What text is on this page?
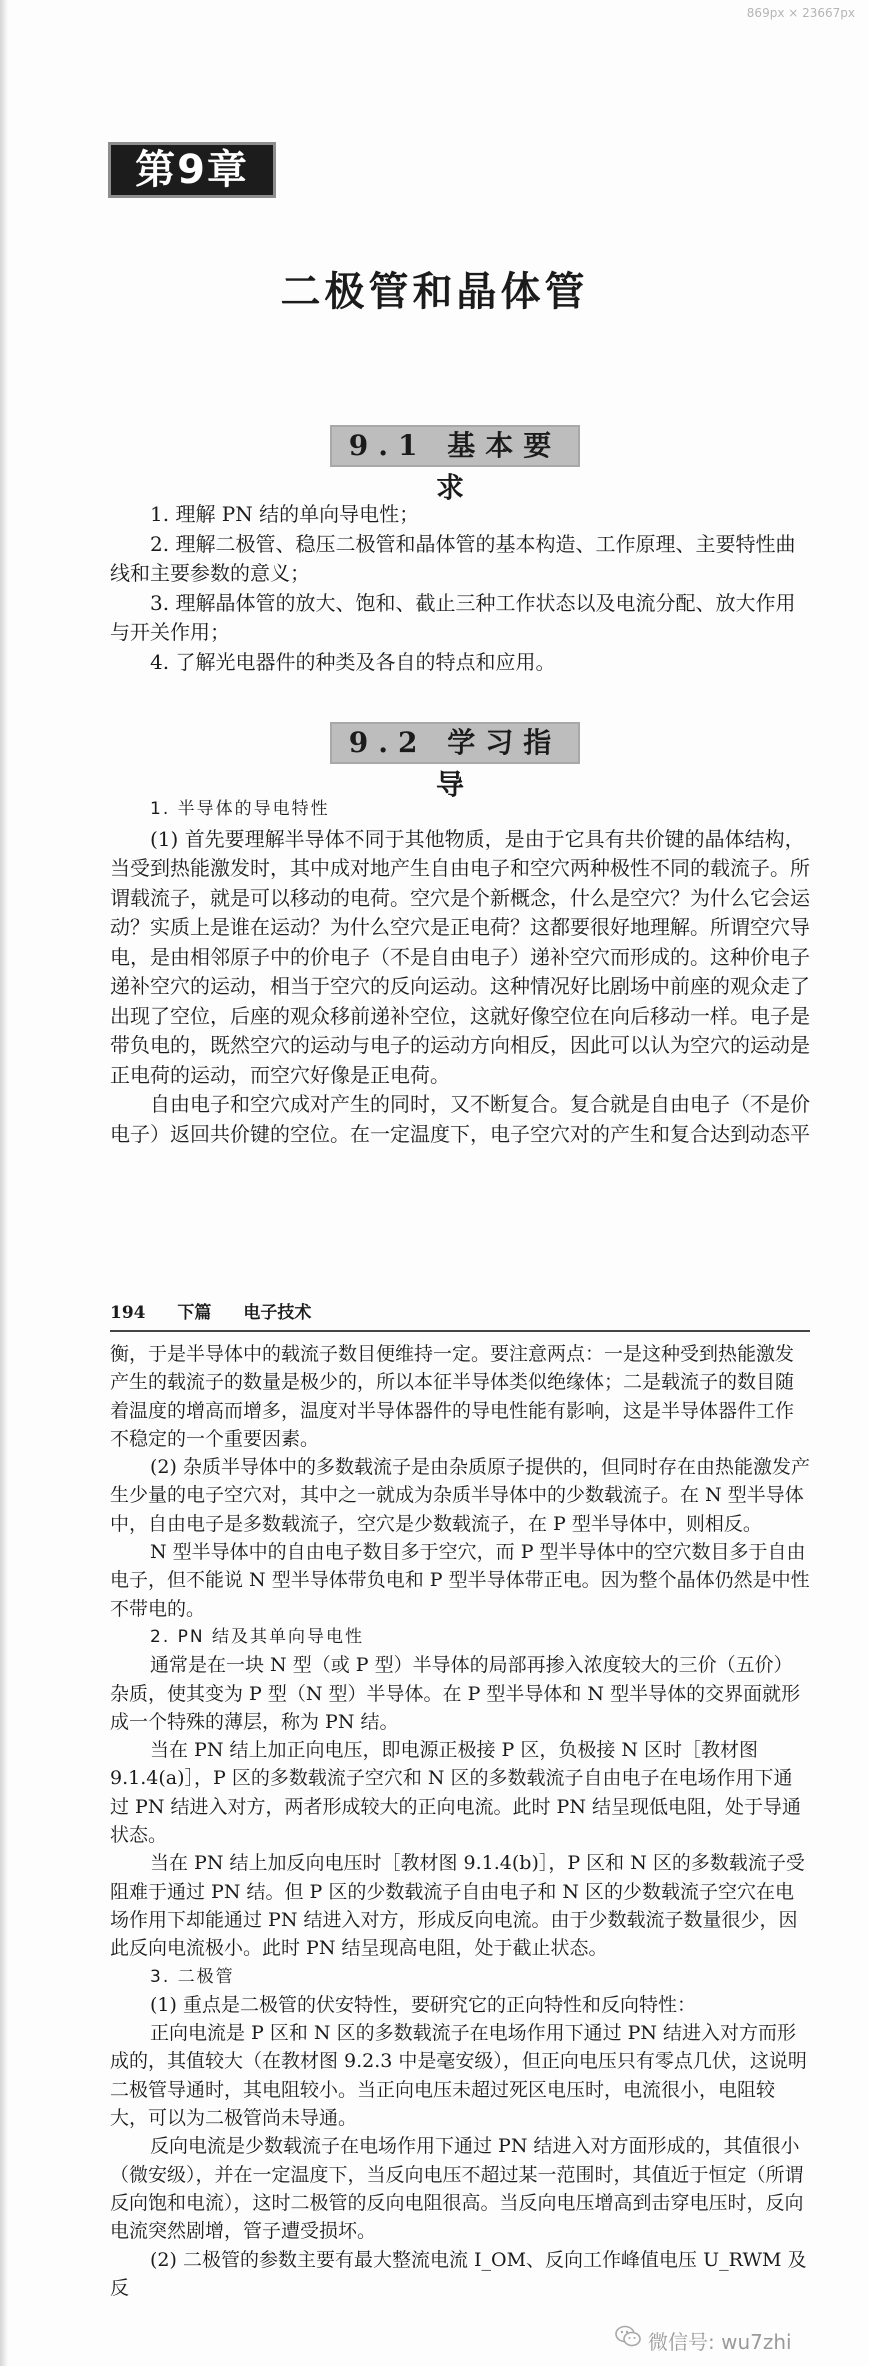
869px × 23667px
第9章
二极管和晶体管
9.1 基本要求

1. 理解 PN 结的单向导电性；

2. 理解二极管、稳压二极管和晶体管的基本构造、工作原理、主要特性曲线和主要参数的意义；

3. 理解晶体管的放大、饱和、截止三种工作状态以及电流分配、放大作用与开关作用；

4. 了解光电器件的种类及各自的特点和应用。

9.2 学习指导

1. 半导体的导电特性

(1) 首先要理解半导体不同于其他物质，是由于它具有共价键的晶体结构，当受到热能激发时，其中成对地产生自由电子和空穴两种极性不同的载流子。所谓载流子，就是可以移动的电荷。空穴是个新概念，什么是空穴？为什么它会运动？实质上是谁在运动？为什么空穴是正电荷？这都要很好地理解。所谓空穴导电，是由相邻原子中的价电子（不是自由电子）递补空穴而形成的。这种价电子递补空穴的运动，相当于空穴的反向运动。这种情况好比剧场中前座的观众走了出现了空位，后座的观众移前递补空位，这就好像空位在向后移动一样。电子是带负电的，既然空穴的运动与电子的运动方向相反，因此可以认为空穴的运动是正电荷的运动，而空穴好像是正电荷。

自由电子和空穴成对产生的同时，又不断复合。复合就是自由电子（不是价电子）返回共价键的空位。在一定温度下，电子空穴对的产生和复合达到动态平

194 下篇 电子技术

衡，于是半导体中的载流子数目便维持一定。要注意两点：一是这种受到热能激发产生的载流子的数量是极少的，所以本征半导体类似绝缘体；二是载流子的数目随着温度的增高而增多，温度对半导体器件的导电性能有影响，这是半导体器件工作不稳定的一个重要因素。

(2) 杂质半导体中的多数载流子是由杂质原子提供的，但同时存在由热能激发产生少量的电子空穴对，其中之一就成为杂质半导体中的少数载流子。在 N 型半导体中，自由电子是多数载流子，空穴是少数载流子，在 P 型半导体中，则相反。

N 型半导体中的自由电子数目多于空穴，而 P 型半导体中的空穴数目多于自由电子，但不能说 N 型半导体带负电和 P 型半导体带正电。因为整个晶体仍然是中性不带电的。

2. PN 结及其单向导电性

通常是在一块 N 型（或 P 型）半导体的局部再掺入浓度较大的三价（五价）杂质，使其变为 P 型（N 型）半导体。在 P 型半导体和 N 型半导体的交界面就形成一个特殊的薄层，称为 PN 结。

当在 PN 结上加正向电压，即电源正极接 P 区，负极接 N 区时［教材图 9.1.4(a)］，P 区的多数载流子空穴和 N 区的多数载流子自由电子在电场作用下通过 PN 结进入对方，两者形成较大的正向电流。此时 PN 结呈现低电阻，处于导通状态。

当在 PN 结上加反向电压时［教材图 9.1.4(b)］，P 区和 N 区的多数载流子受阻难于通过 PN 结。但 P 区的少数载流子自由电子和 N 区的少数载流子空穴在电场作用下却能通过 PN 结进入对方，形成反向电流。由于少数载流子数量很少，因此反向电流极小。此时 PN 结呈现高电阻，处于截止状态。

3. 二极管

(1) 重点是二极管的伏安特性，要研究它的正向特性和反向特性：

正向电流是 P 区和 N 区的多数载流子在电场作用下通过 PN 结进入对方而形成的，其值较大（在教材图 9.2.3 中是毫安级），但正向电压只有零点几伏，这说明二极管导通时，其电阻较小。当正向电压未超过死区电压时，电流很小，电阻较大，可以为二极管尚未导通。

反向电流是少数载流子在电场作用下通过 PN 结进入对方面形成的，其值很小（微安级），并在一定温度下，当反向电压不超过某一范围时，其值近于恒定（所谓反向饱和电流），这时二极管的反向电阻很高。当反向电压增高到击穿电压时，反向电流突然剧增，管子遭受损坏。

(2) 二极管的参数主要有最大整流电流 I_OM、反向工作峰值电压 U_RWM 及反

微信号: wu7zhi
